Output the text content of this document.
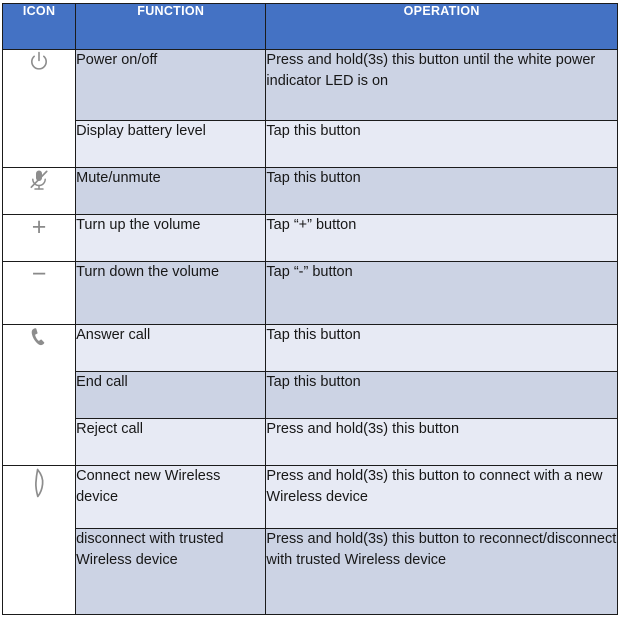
ICON	FUNCTION	OPERATION

	Power on/off	Press and hold(3s) this button until the white power indicator LED is on
	Display battery level	Tap this button

	Mute/unmute	Tap this button
+	Turn up the volume	Tap “+” button
−	Turn down the volume	Tap “-” button

	Answer call	Tap this button
	End call	Tap this button
	Reject call	Press and hold(3s) this button

	Connect new Wireless device	Press and hold(3s) this button to connect with a new Wireless device
	disconnect with trusted Wireless device	Press and hold(3s) this button to reconnect/disconnect with trusted Wireless device
